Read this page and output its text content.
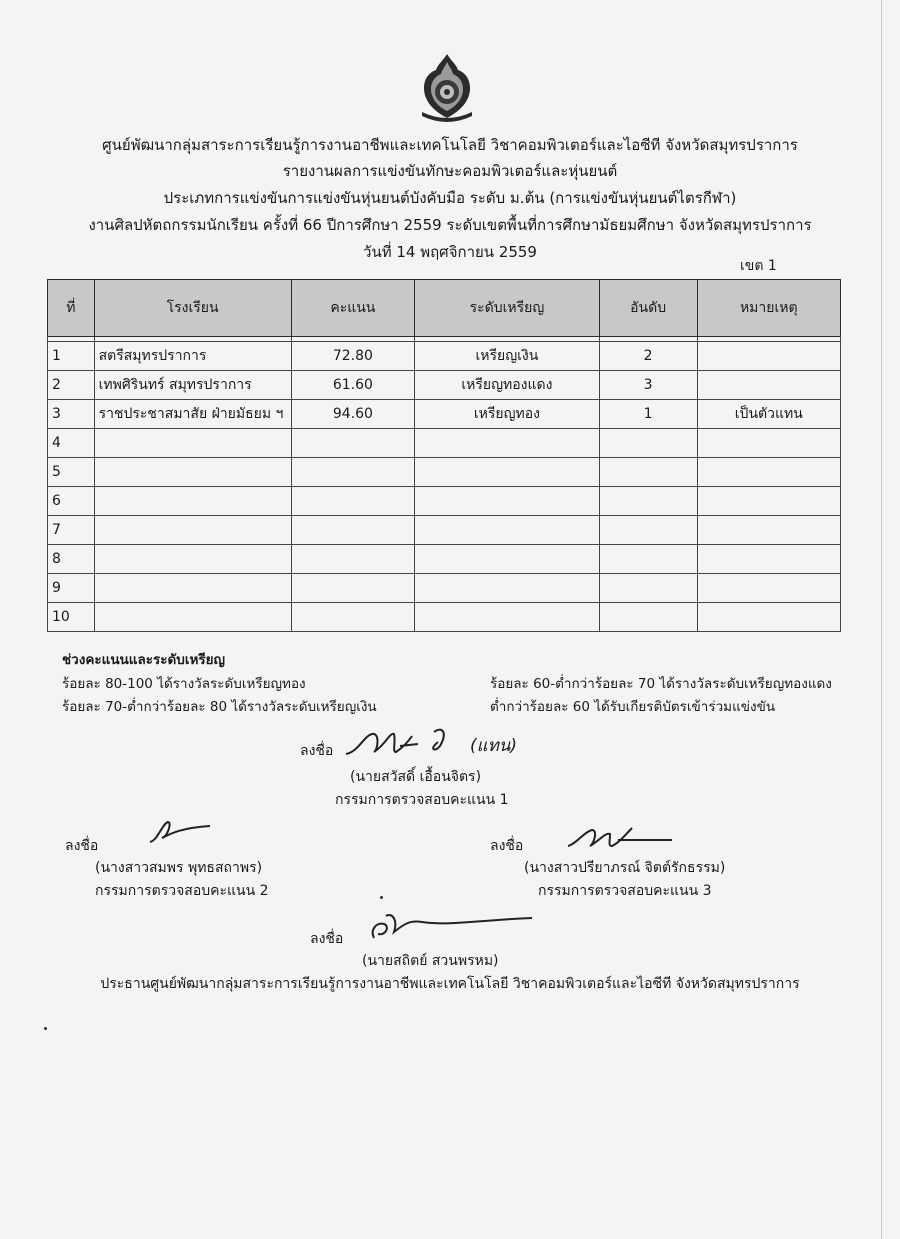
ศูนย์พัฒนากลุ่มสาระการเรียนรู้การงานอาชีพและเทคโนโลยี วิชาคอมพิวเตอร์และไอซีที จังหวัดสมุทรปราการ
รายงานผลการแข่งขันทักษะคอมพิวเตอร์และหุ่นยนต์
ประเภทการแข่งขันการแข่งขันหุ่นยนต์บังคับมือ ระดับ ม.ต้น (การแข่งขันหุ่นยนต์ไตรกีฬา)
งานศิลปหัตถกรรมนักเรียน ครั้งที่ 66 ปีการศึกษา 2559 ระดับเขตพื้นที่การศึกษามัธยมศึกษา จังหวัดสมุทรปราการ
วันที่ 14 พฤศจิกายน 2559
เขต 1
ที่	โรงเรียน	คะแนน	ระดับเหรียญ	อันดับ	หมายเหตุ

1	สตรีสมุทรปราการ	72.80	เหรียญเงิน	2	
2	เทพศิรินทร์ สมุทรปราการ	61.60	เหรียญทองแดง	3	
3	ราชประชาสมาสัย ฝ่ายมัธยม ฯ	94.60	เหรียญทอง	1	เป็นตัวแทน
4					
5					
6					
7					
8					
9					
10					
ช่วงคะแนนและระดับเหรียญ
ร้อยละ 80-100 ได้รางวัลระดับเหรียญทอง
ร้อยละ 70-ต่ำกว่าร้อยละ 80 ได้รางวัลระดับเหรียญเงิน
ร้อยละ 60-ต่ำกว่าร้อยละ 70 ได้รางวัลระดับเหรียญทองแดง
ต่ำกว่าร้อยละ 60 ได้รับเกียรติบัตรเข้าร่วมแข่งขัน
ลงชื่อ	(แทน)
(นายสวัสดิ์ เอื้อนจิตร)
กรรมการตรวจสอบคะแนน 1
ลงชื่อ
(นางสาวสมพร พุทธสถาพร)
กรรมการตรวจสอบคะแนน 2
ลงชื่อ
(นางสาวปรียาภรณ์ จิตต์รักธรรม)
กรรมการตรวจสอบคะแนน 3
ลงชื่อ
(นายสถิตย์ สวนพรหม)
ประธานศูนย์พัฒนากลุ่มสาระการเรียนรู้การงานอาชีพและเทคโนโลยี วิชาคอมพิวเตอร์และไอซีที จังหวัดสมุทรปราการ
